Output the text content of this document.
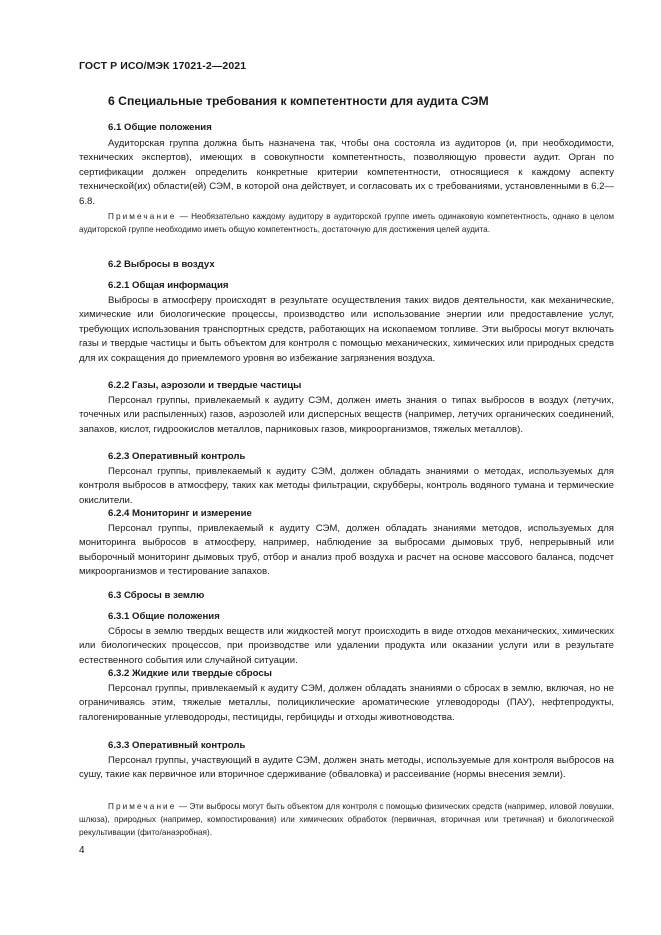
ГОСТ Р ИСО/МЭК 17021-2—2021
6 Специальные требования к компетентности для аудита СЭМ
6.1 Общие положения
Аудиторская группа должна быть назначена так, чтобы она состояла из аудиторов (и, при необходимости, технических экспертов), имеющих в совокупности компетентность, позволяющую провести аудит. Орган по сертификации должен определить конкретные критерии компетентности, относящиеся к каждому аспекту технической(их) области(ей) СЭМ, в которой она действует, и согласовать их с требованиями, установленными в 6.2—6.8.
Примечание — Необязательно каждому аудитору в аудиторской группе иметь одинаковую компетентность, однако в целом аудиторской группе необходимо иметь общую компетентность, достаточную для достижения целей аудита.
6.2 Выбросы в воздух
6.2.1 Общая информация
Выбросы в атмосферу происходят в результате осуществления таких видов деятельности, как механические, химические или биологические процессы, производство или использование энергии или предоставление услуг, требующих использования транспортных средств, работающих на ископаемом топливе. Эти выбросы могут включать газы и твердые частицы и быть объектом для контроля с помощью механических, химических или природных средств для их сокращения до приемлемого уровня во избежание загрязнения воздуха.
6.2.2 Газы, аэрозоли и твердые частицы
Персонал группы, привлекаемый к аудиту СЭМ, должен иметь знания о типах выбросов в воздух (летучих, точечных или распыленных) газов, аэрозолей или дисперсных веществ (например, летучих органических соединений, запахов, кислот, гидроокислов металлов, парниковых газов, микроорганизмов, тяжелых металлов).
6.2.3 Оперативный контроль
Персонал группы, привлекаемый к аудиту СЭМ, должен обладать знаниями о методах, используемых для контроля выбросов в атмосферу, таких как методы фильтрации, скрубберы, контроль водяного тумана и термические окислители.
6.2.4 Мониторинг и измерение
Персонал группы, привлекаемый к аудиту СЭМ, должен обладать знаниями методов, используемых для мониторинга выбросов в атмосферу, например, наблюдение за выбросами дымовых труб, непрерывный или выборочный мониторинг дымовых труб, отбор и анализ проб воздуха и расчет на основе массового баланса, подсчет микроорганизмов и тестирование запахов.
6.3 Сбросы в землю
6.3.1 Общие положения
Сбросы в землю твердых веществ или жидкостей могут происходить в виде отходов механических, химических или биологических процессов, при производстве или удалении продукта или оказании услуги или в результате естественного события или случайной ситуации.
6.3.2 Жидкие или твердые сбросы
Персонал группы, привлекаемый к аудиту СЭМ, должен обладать знаниями о сбросах в землю, включая, но не ограничиваясь этим, тяжелые металлы, полициклические ароматические углеводороды (ПАУ), нефтепродукты, галогенированные углеводороды, пестициды, гербициды и отходы животноводства.
6.3.3 Оперативный контроль
Персонал группы, участвующий в аудите СЭМ, должен знать методы, используемые для контроля выбросов на сушу, такие как первичное или вторичное сдерживание (обваловка) и рассеивание (нормы внесения земли).
Примечание — Эти выбросы могут быть объектом для контроля с помощью физических средств (например, иловой ловушки, шлюза), природных (например, компостирования) или химических обработок (первичная, вторичная или третичная) и биологической рекультивации (фито/анаэробная).
4
